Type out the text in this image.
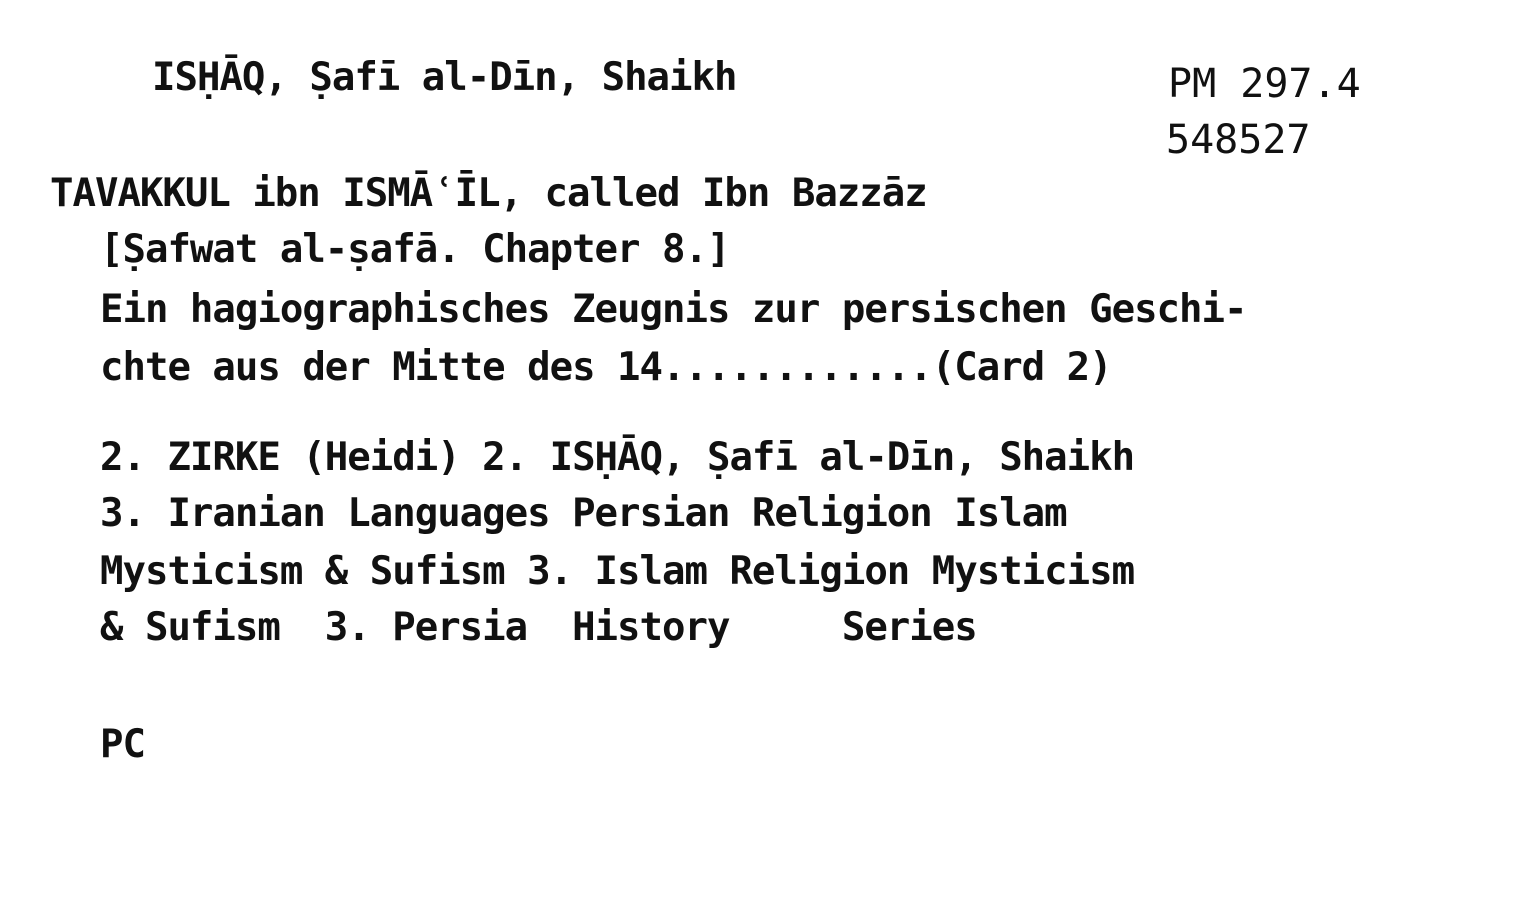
ISḤĀQ, Ṣafī al-Dīn, Shaikh	PM 297.4
548527
TAVAKKUL ibn ISMĀʿĪL, called Ibn Bazzāz
[Ṣafwat al-ṣafā. Chapter 8.]
Ein hagiographisches Zeugnis zur persischen Geschi-
chte aus der Mitte des 14............(Card 2)
2. ZIRKE (Heidi) 2. ISḤĀQ, Ṣafī al-Dīn, Shaikh
3. Iranian Languages Persian Religion Islam
Mysticism & Sufism 3. Islam Religion Mysticism
& Sufism  3. Persia  History     Series
PC
